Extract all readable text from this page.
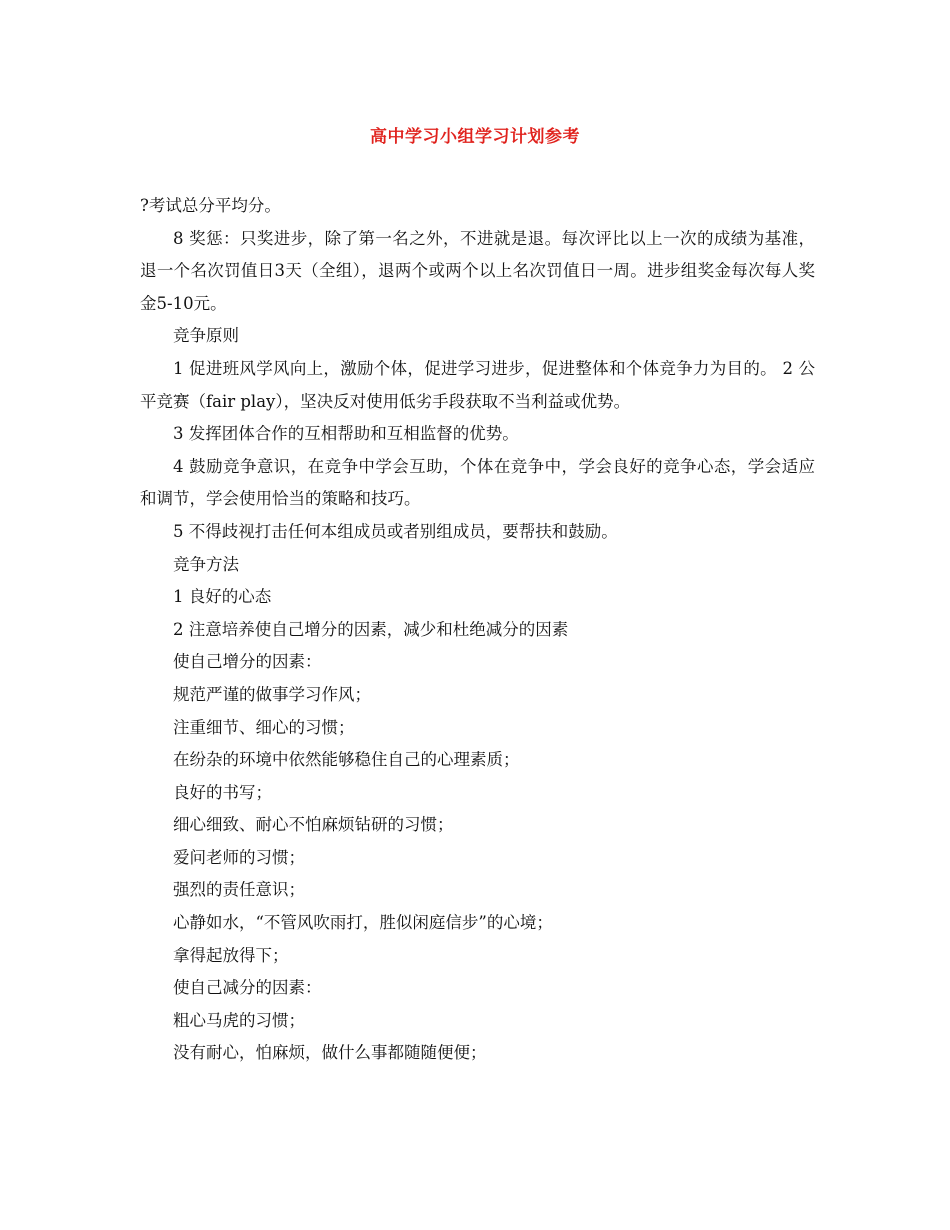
高中学习小组学习计划参考

?考试总分平均分。

8 奖惩：只奖进步，除了第一名之外，不进就是退。每次评比以上一次的成绩为基准，退一个名次罚值日3天（全组），退两个或两个以上名次罚值日一周。进步组奖金每次每人奖金5-10元。

竞争原则

1 促进班风学风向上，激励个体，促进学习进步，促进整体和个体竞争力为目的。 2 公平竞赛（fair play），坚决反对使用低劣手段获取不当利益或优势。

3 发挥团体合作的互相帮助和互相监督的优势。

4 鼓励竞争意识，在竞争中学会互助，个体在竞争中，学会良好的竞争心态，学会适应和调节，学会使用恰当的策略和技巧。

5 不得歧视打击任何本组成员或者别组成员，要帮扶和鼓励。

竞争方法

1 良好的心态

2 注意培养使自己增分的因素，减少和杜绝减分的因素

使自己增分的因素：

规范严谨的做事学习作风；

注重细节、细心的习惯；

在纷杂的环境中依然能够稳住自己的心理素质；

良好的书写；

细心细致、耐心不怕麻烦钻研的习惯；

爱问老师的习惯；

强烈的责任意识；

心静如水，“不管风吹雨打，胜似闲庭信步”的心境；

拿得起放得下；

使自己减分的因素：

粗心马虎的习惯；

没有耐心，怕麻烦，做什么事都随随便便；
